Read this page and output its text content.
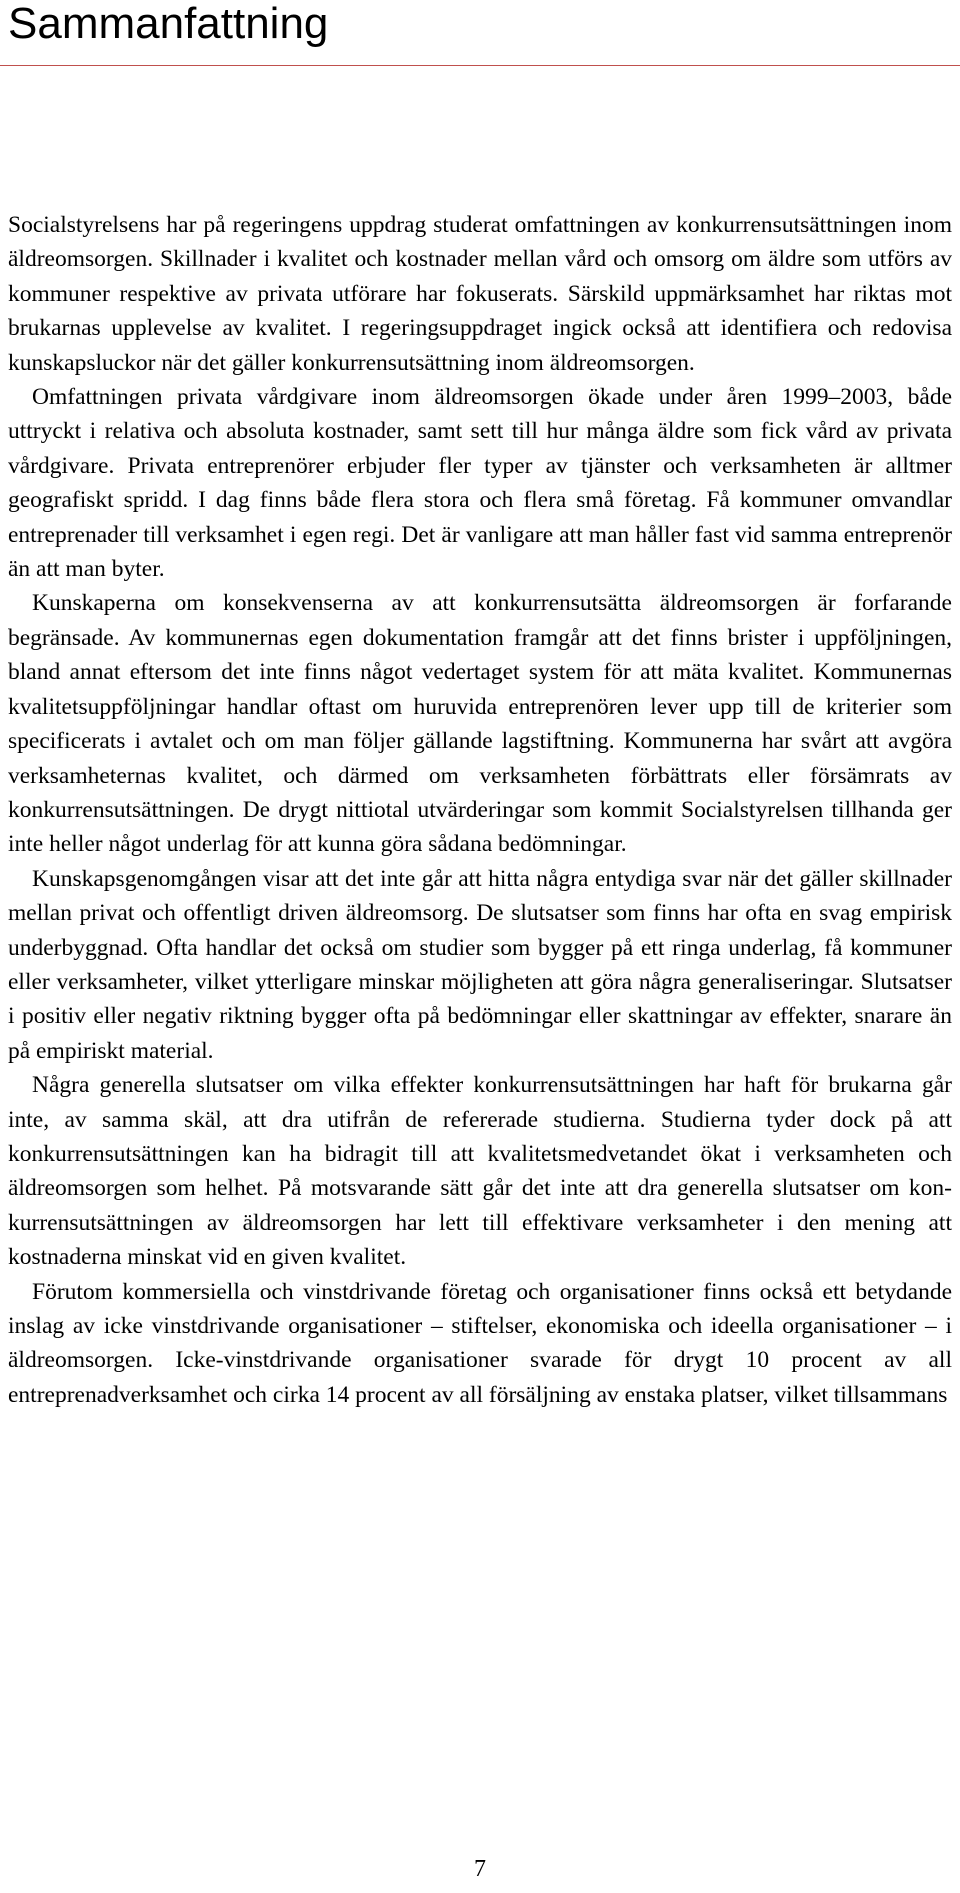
Sammanfattning

Socialstyrelsens har på regeringens uppdrag studerat omfattningen av konkurrensutsättningen inom äldreomsorgen. Skillnader i kvalitet och kostnader mellan vård och omsorg om äldre som utförs av kommuner respektive av privata utförare har fokuserats. Särskild uppmärksamhet har riktas mot brukarnas upplevelse av kvalitet. I regeringsuppdraget ingick också att identifiera och redovisa kunskapsluckor när det gäller konkurrensutsättning inom äldreomsorgen.

Omfattningen privata vårdgivare inom äldreomsorgen ökade under åren 1999–2003, både uttryckt i relativa och absoluta kostnader, samt sett till hur många äldre som fick vård av privata vårdgivare. Privata entreprenörer erbjuder fler typer av tjänster och verksamheten är alltmer geografiskt spridd. I dag finns både flera stora och flera små företag. Få kommuner omvandlar entreprenader till verksamhet i egen regi. Det är vanligare att man håller fast vid samma entreprenör än att man byter.

Kunskaperna om konsekvenserna av att konkurrensutsätta äldreomsorgen är forfarande begränsade. Av kommunernas egen dokumentation framgår att det finns brister i uppföljningen, bland annat eftersom det inte finns något vedertaget system för att mäta kvalitet. Kommunernas kvalitetsuppföljningar handlar oftast om huruvida entreprenören lever upp till de kriterier som specificerats i avtalet och om man följer gällande lagstiftning. Kommunerna har svårt att avgöra verksamheternas kvalitet, och därmed om verksamheten förbättrats eller försämrats av konkurrensutsättningen. De drygt nittiotal utvärderingar som kommit Socialstyrelsen tillhanda ger inte heller något underlag för att kunna göra sådana bedömningar.

Kunskapsgenomgången visar att det inte går att hitta några entydiga svar när det gäller skillnader mellan privat och offentligt driven äldreomsorg. De slutsatser som finns har ofta en svag empirisk underbyggnad. Ofta handlar det också om studier som bygger på ett ringa underlag, få kommuner eller verksamheter, vilket ytterligare minskar möjligheten att göra några generaliseringar. Slutsatser i positiv eller negativ riktning bygger ofta på bedömningar eller skattningar av effekter, snarare än på empiriskt material.

Några generella slutsatser om vilka effekter konkurrensutsättningen har haft för brukarna går inte, av samma skäl, att dra utifrån de refererade studierna. Studierna tyder dock på att konkurrensutsättningen kan ha bidragit till att kvalitetsmedvetandet ökat i verksamheten och äldreomsorgen som helhet. På motsvarande sätt går det inte att dra generella slutsatser om konkurrensutsättningen av äldreomsorgen har lett till effektivare verksamheter i den mening att kostnaderna minskat vid en given kvalitet.

Förutom kommersiella och vinstdrivande företag och organisationer finns också ett betydande inslag av icke vinstdrivande organisationer – stiftelser, ekonomiska och ideella organisationer – i äldreomsorgen. Icke-vinstdrivande organisationer svarade för drygt 10 procent av all entreprenadverksamhet och cirka 14 procent av all försäljning av enstaka platser, vilket tillsammans

7
